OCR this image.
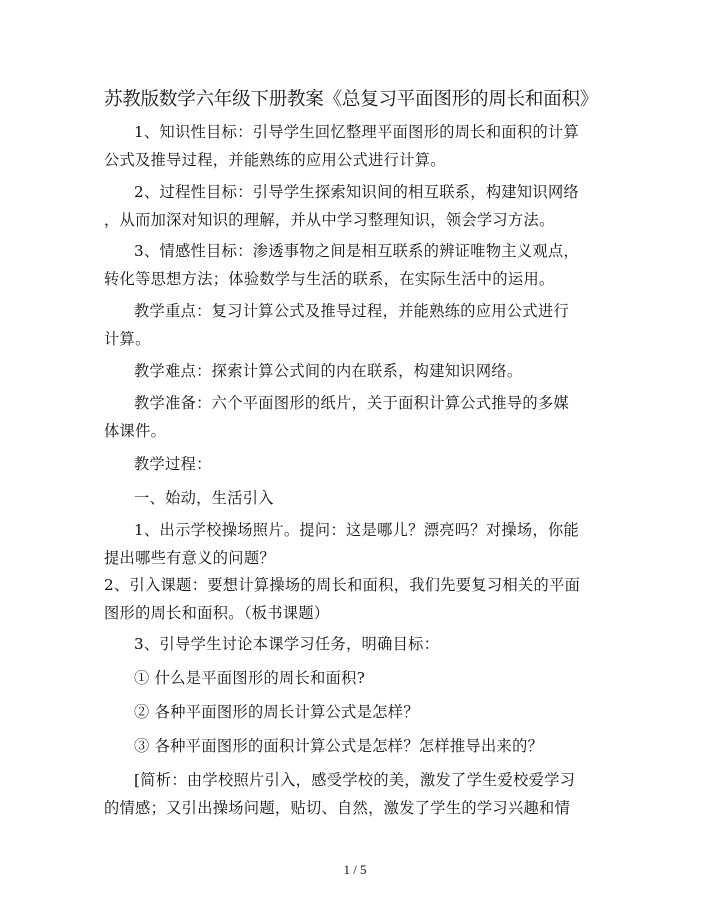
苏教版数学六年级下册教案《总复习平面图形的周长和面积》
1、知识性目标：引导学生回忆整理平面图形的周长和面积的计算
公式及推导过程，并能熟练的应用公式进行计算。
2、过程性目标：引导学生探索知识间的相互联系，构建知识网络
，从而加深对知识的理解，并从中学习整理知识，领会学习方法。
3、情感性目标：渗透事物之间是相互联系的辨证唯物主义观点，
转化等思想方法；体验数学与生活的联系，在实际生活中的运用。
教学重点：复习计算公式及推导过程，并能熟练的应用公式进行
计算。
教学难点：探索计算公式间的内在联系，构建知识网络。
教学准备：六个平面图形的纸片，关于面积计算公式推导的多媒
体课件。
教学过程：
一、始动，生活引入
1、出示学校操场照片。提问：这是哪儿？漂亮吗？对操场，你能
提出哪些有意义的问题？
2、引入课题：要想计算操场的周长和面积，我们先要复习相关的平面
图形的周长和面积。（板书课题）
3、引导学生讨论本课学习任务，明确目标：
① 什么是平面图形的周长和面积?
② 各种平面图形的周长计算公式是怎样？
③ 各种平面图形的面积计算公式是怎样？怎样推导出来的？
[简析：由学校照片引入，感受学校的美，激发了学生爱校爱学习
的情感；又引出操场问题，贴切、自然，激发了学生的学习兴趣和情
1 / 5
